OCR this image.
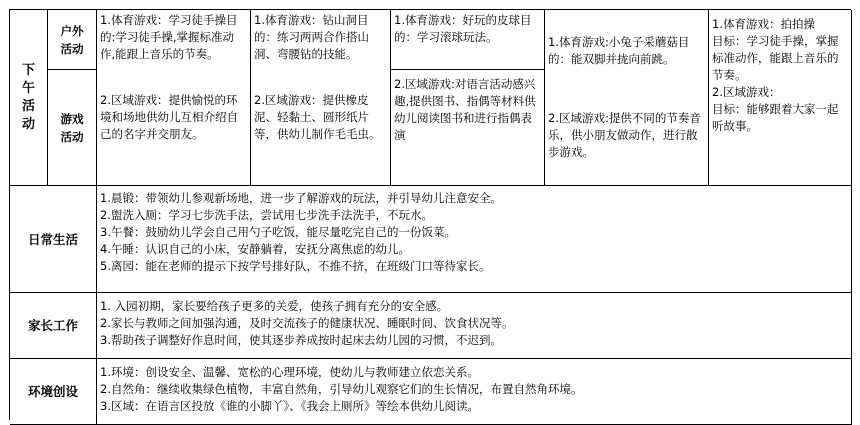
下午活动
户外活动
游戏活动
1.体育游戏：学习徒手操目的:学习徒手操,掌握标准动作,能跟上音乐的节奏。
2.区域游戏：提供愉悦的环境和场地供幼儿互相介绍自己的名字并交朋友。
1.体育游戏：钻山洞目的：练习两两合作搭山洞、弯腰钻的技能。
2.区域游戏：提供橡皮泥、轻黏土、圆形纸片等，供幼儿制作毛毛虫。
1.体育游戏：好玩的皮球目的：学习滚球玩法。
2.区域游戏:对语言活动感兴趣,提供图书、指偶等材料供幼儿阅读图书和进行指偶表演
1.体育游戏:小兔子采蘑菇目的：能双脚并拢向前跳。
2.区域游戏:提供不同的节奏音乐，供小朋友做动作，进行散步游戏。
1.体育游戏：拍拍操
目标：学习徒手操，掌握
标准动作，能跟上音乐的
节奏。
2.区域游戏：
目标：能够跟着大家一起
听故事。
日常生活
1.晨锻：带领幼儿参观新场地，进一步了解游戏的玩法，并引导幼儿注意安全。
2.盥洗入厕：学习七步洗手法，尝试用七步洗手法洗手，不玩水。
3.午餐：鼓励幼儿学会自己用勺子吃饭，能尽量吃完自己的一份饭菜。
4.午睡：认识自己的小床，安静躺着，安抚分离焦虑的幼儿。
5.离园：能在老师的提示下按学号排好队，不推不挤，在班级门口等待家长。
家长工作
1. 入园初期，家长要给孩子更多的关爱，使孩子拥有充分的安全感。
2.家长与教师之间加强沟通，及时交流孩子的健康状况、睡眠时间、饮食状况等。
3.帮助孩子调整好作息时间，使其逐步养成按时起床去幼儿园的习惯，不迟到。
环境创设
1.环境：创设安全、温馨、宽松的心理环境，使幼儿与教师建立依恋关系。
2.自然角：继续收集绿色植物，丰富自然角，引导幼儿观察它们的生长情况，布置自然角环境。
3.区域：在语言区投放《谁的小脚丫》、《我会上厕所》等绘本供幼儿阅读。
